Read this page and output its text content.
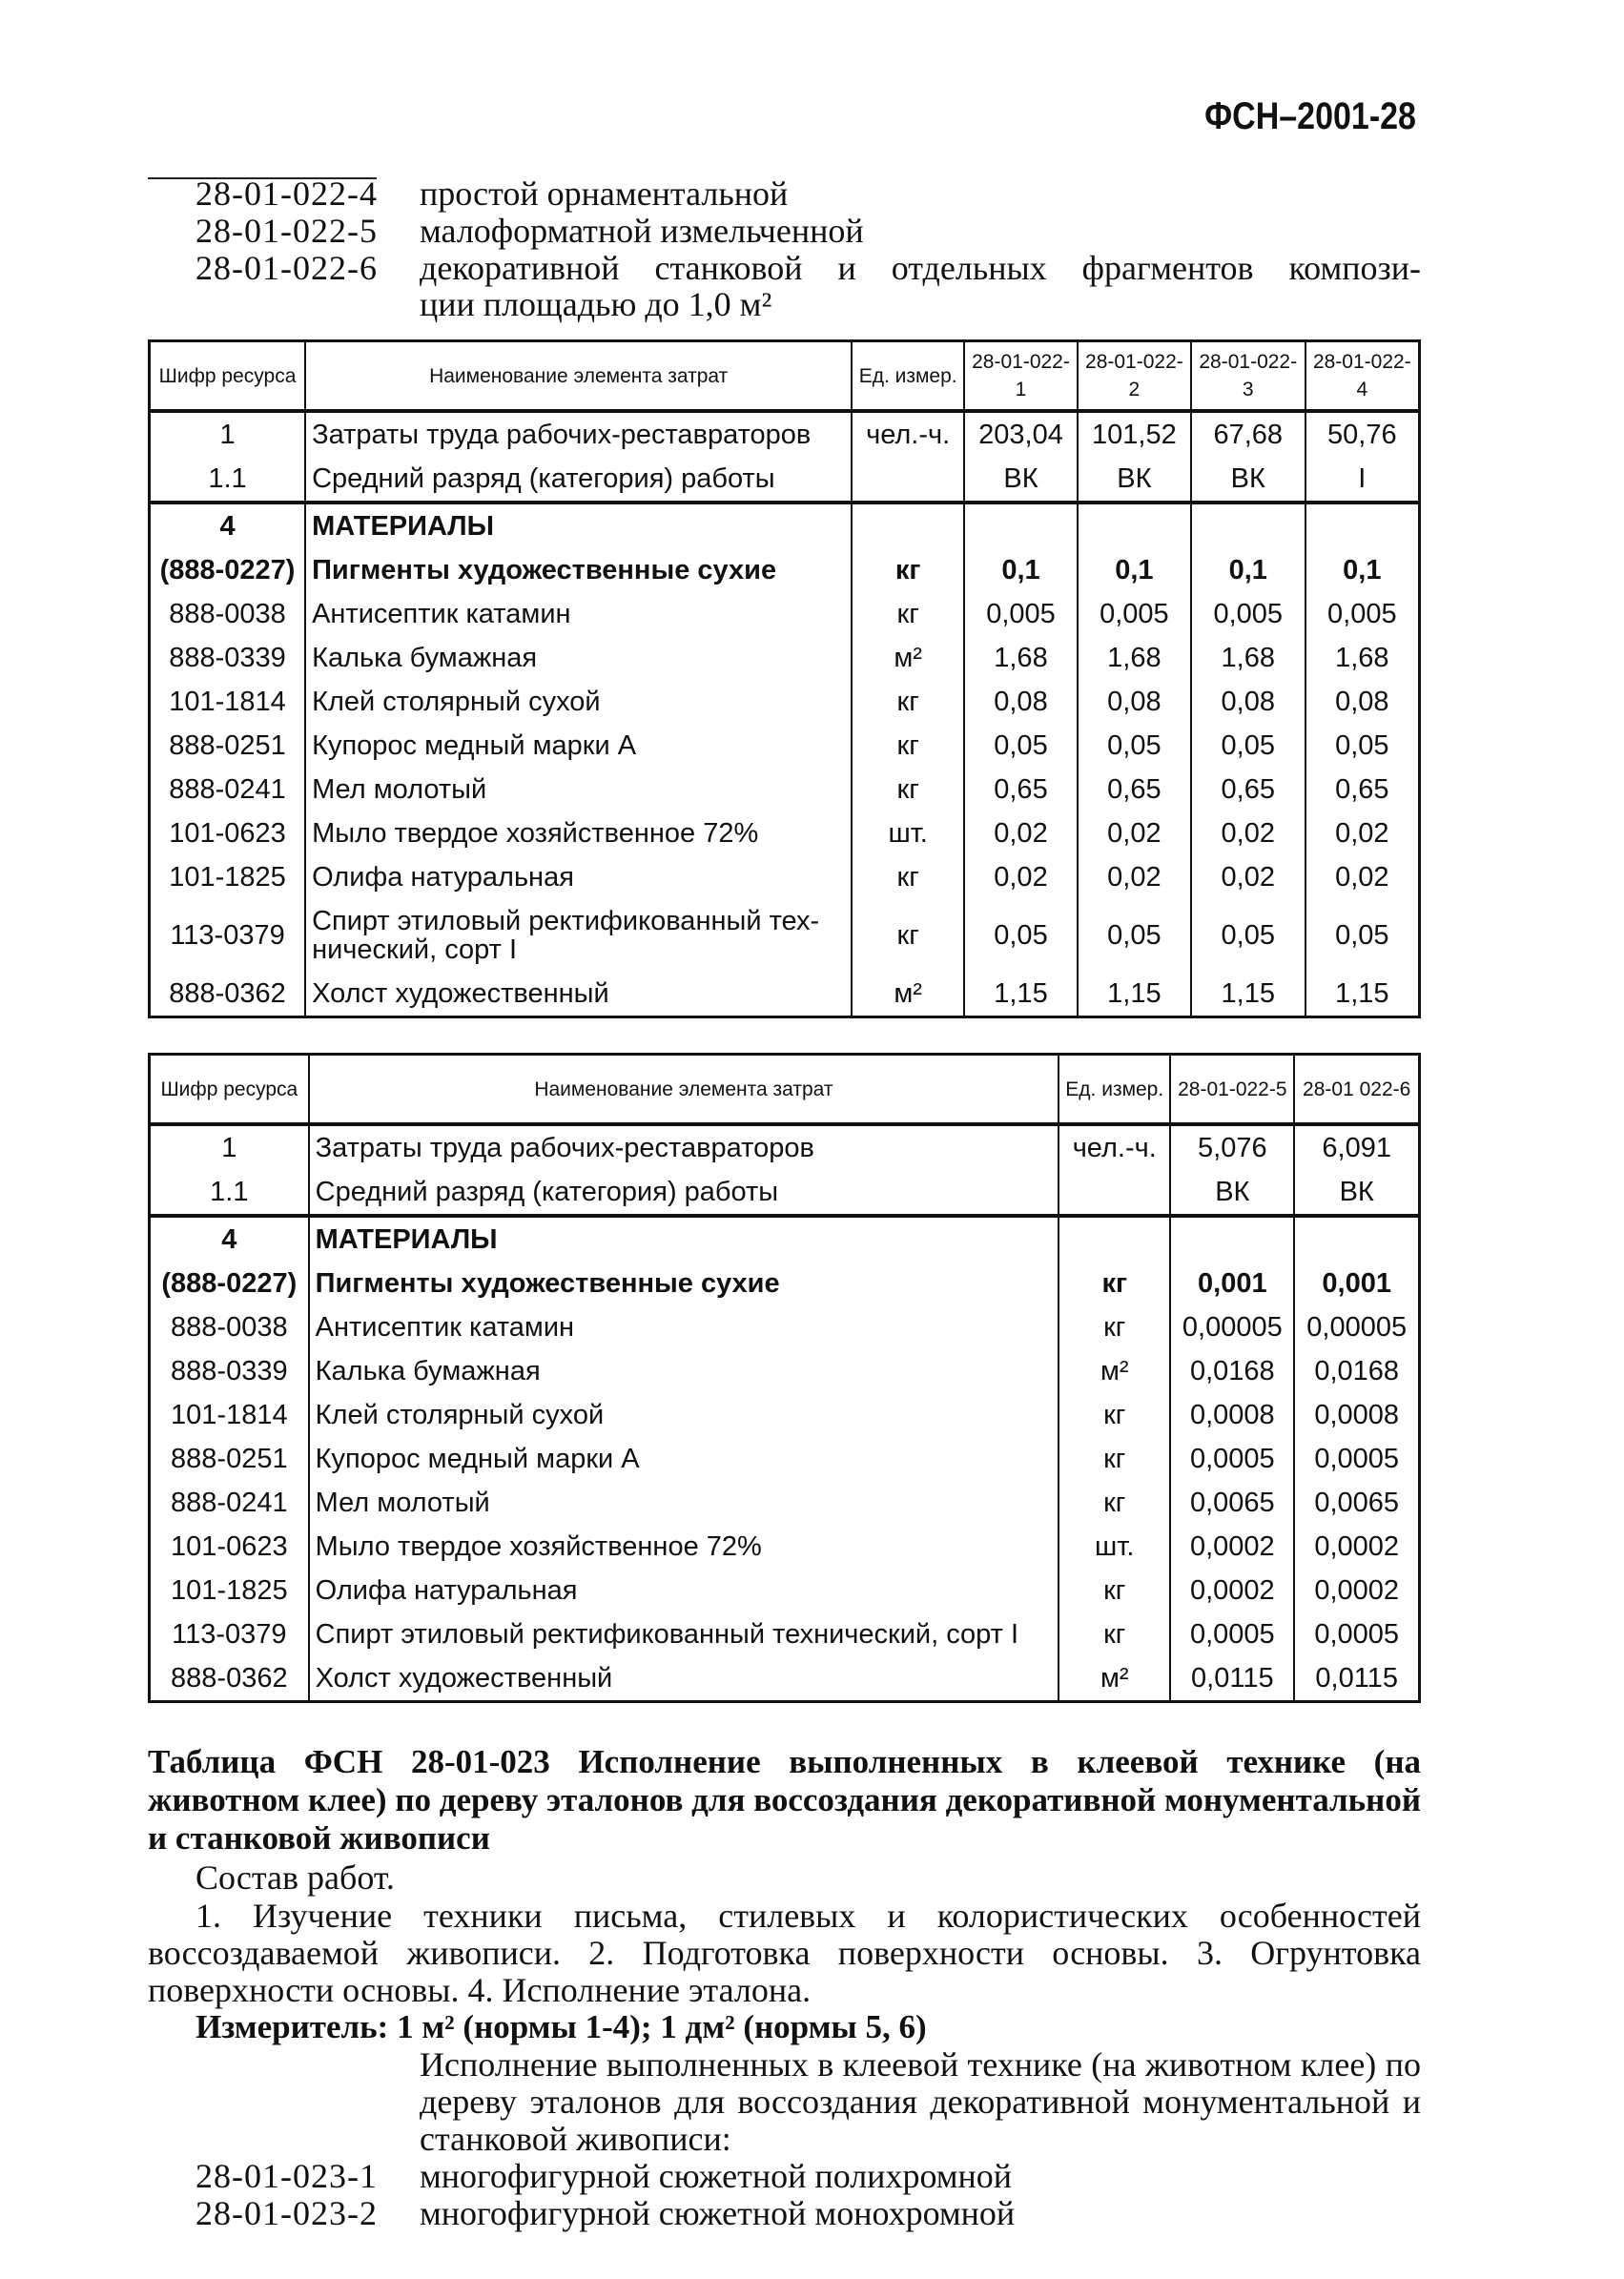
ФСН–2001-28
28-01-022-4	простой орнаментальной
28-01-022-5	малоформатной измельченной
28-01-022-6	декоративной станковой и отдельных фрагментов компози-
ции площадью до 1,0 м²
Шифр ресурса	Наименование элемента затрат	Ед. измер.	28-01-022-1	28-01-022-2	28-01-022-3	28-01-022-4
1	Затраты труда рабочих-реставраторов	чел.-ч.	203,04	101,52	67,68	50,76
1.1	Средний разряд (категория) работы		ВК	ВК	ВК	I
4	МАТЕРИАЛЫ					
(888-0227)	Пигменты художественные сухие	кг	0,1	0,1	0,1	0,1
888-0038	Антисептик катамин	кг	0,005	0,005	0,005	0,005
888-0339	Калька бумажная	м²	1,68	1,68	1,68	1,68
101-1814	Клей столярный сухой	кг	0,08	0,08	0,08	0,08
888-0251	Купорос медный марки А	кг	0,05	0,05	0,05	0,05
888-0241	Мел молотый	кг	0,65	0,65	0,65	0,65
101-0623	Мыло твердое хозяйственное 72%	шт.	0,02	0,02	0,02	0,02
101-1825	Олифа натуральная	кг	0,02	0,02	0,02	0,02
113-0379	Спирт этиловый ректификованный тех-нический, сорт I	кг	0,05	0,05	0,05	0,05
888-0362	Холст художественный	м²	1,15	1,15	1,15	1,15
Шифр ресурса	Наименование элемента затрат	Ед. измер.	28-01-022-5	28-01 022-6
1	Затраты труда рабочих-реставраторов	чел.-ч.	5,076	6,091
1.1	Средний разряд (категория) работы		ВК	ВК
4	МАТЕРИАЛЫ			
(888-0227)	Пигменты художественные сухие	кг	0,001	0,001
888-0038	Антисептик катамин	кг	0,00005	0,00005
888-0339	Калька бумажная	м²	0,0168	0,0168
101-1814	Клей столярный сухой	кг	0,0008	0,0008
888-0251	Купорос медный марки А	кг	0,0005	0,0005
888-0241	Мел молотый	кг	0,0065	0,0065
101-0623	Мыло твердое хозяйственное 72%	шт.	0,0002	0,0002
101-1825	Олифа натуральная	кг	0,0002	0,0002
113-0379	Спирт этиловый ректификованный технический, сорт I	кг	0,0005	0,0005
888-0362	Холст художественный	м²	0,0115	0,0115
Таблица ФСН 28-01-023 Исполнение выполненных в клеевой технике (на животном клее) по дереву эталонов для воссоздания декоративной монументальной и станковой живописи
Состав работ.
1. Изучение техники письма, стилевых и колористических особенностей воссоздаваемой живописи. 2. Подготовка поверхности основы. 3. Огрунтовка поверхности основы. 4. Исполнение эталона.
Измеритель: 1 м² (нормы 1-4); 1 дм² (нормы 5, 6)
Исполнение выполненных в клеевой технике (на животном клее) по дереву эталонов для воссоздания декоративной монументальной и станковой живописи:
28-01-023-1	многофигурной сюжетной полихромной
28-01-023-2	многофигурной сюжетной монохромной
